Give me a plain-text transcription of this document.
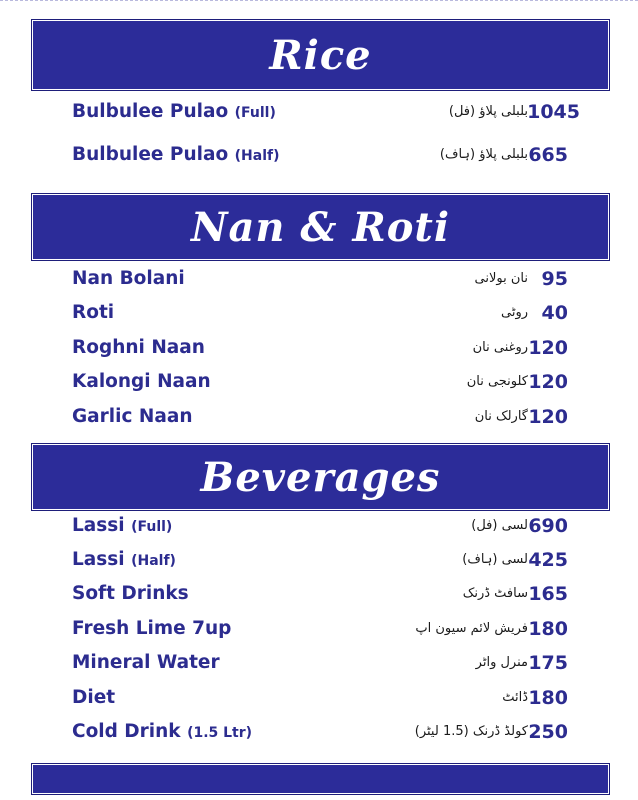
Rice
Bulbulee Pulao (Full)	بلبلی پلاؤ (فل) 1045
Bulbulee Pulao (Half)	بلبلی پلاؤ (ہاف) 665
Nan & Roti
Nan Bolani	نان بولانی 95
Roti	روٹی 40
Roghni Naan	روغنی نان 120
Kalongi Naan	کلونجی نان 120
Garlic Naan	گارلک نان 120
Beverages
Lassi (Full)	لسی (فل) 690
Lassi (Half)	لسی (ہاف) 425
Soft Drinks	سافٹ ڈرنک 165
Fresh Lime 7up	فریش لائم سیون اپ 180
Mineral Water	منرل واٹر 175
Diet	ڈائٹ 180
Cold Drink (1.5 Ltr)	کولڈ ڈرنک (1.5 لیٹر) 250
